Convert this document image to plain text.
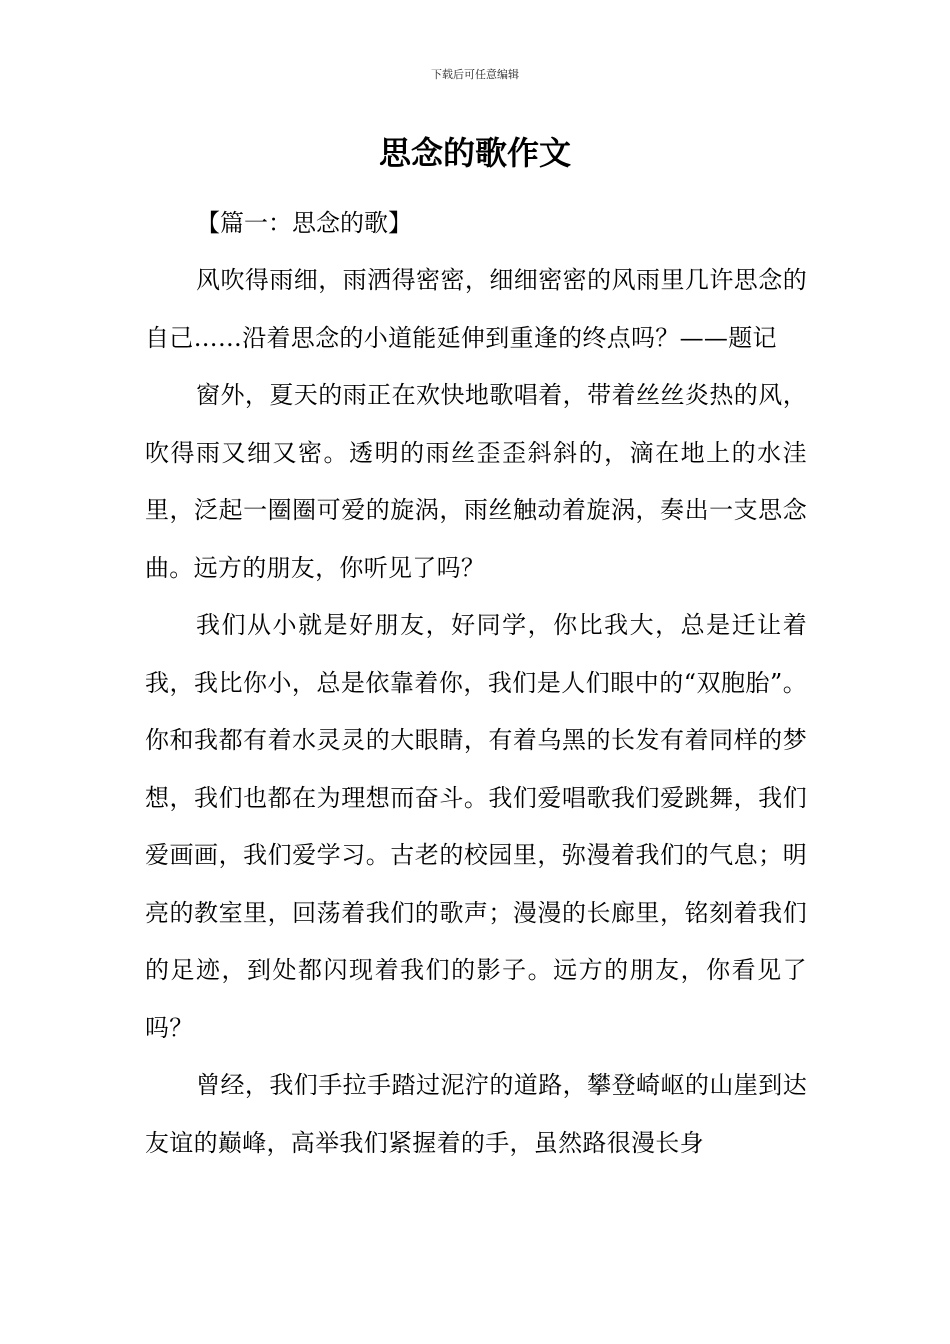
下载后可任意编辑
思念的歌作文
【篇一：思念的歌】

风吹得雨细，雨洒得密密，细细密密的风雨里几许思念的自己……沿着思念的小道能延伸到重逢的终点吗？——题记

窗外，夏天的雨正在欢快地歌唱着，带着丝丝炎热的风，吹得雨又细又密。透明的雨丝歪歪斜斜的，滴在地上的水洼里，泛起一圈圈可爱的旋涡，雨丝触动着旋涡，奏出一支思念曲。远方的朋友，你听见了吗？

我们从小就是好朋友，好同学，你比我大，总是迁让着我，我比你小，总是依靠着你，我们是人们眼中的“双胞胎”。你和我都有着水灵灵的大眼睛，有着乌黑的长发有着同样的梦想，我们也都在为理想而奋斗。我们爱唱歌我们爱跳舞，我们爱画画，我们爱学习。古老的校园里，弥漫着我们的气息；明亮的教室里，回荡着我们的歌声；漫漫的长廊里，铭刻着我们的足迹，到处都闪现着我们的影子。远方的朋友，你看见了吗？

曾经，我们手拉手踏过泥泞的道路，攀登崎岖的山崖到达友谊的巅峰，高举我们紧握着的手，虽然路很漫长身
